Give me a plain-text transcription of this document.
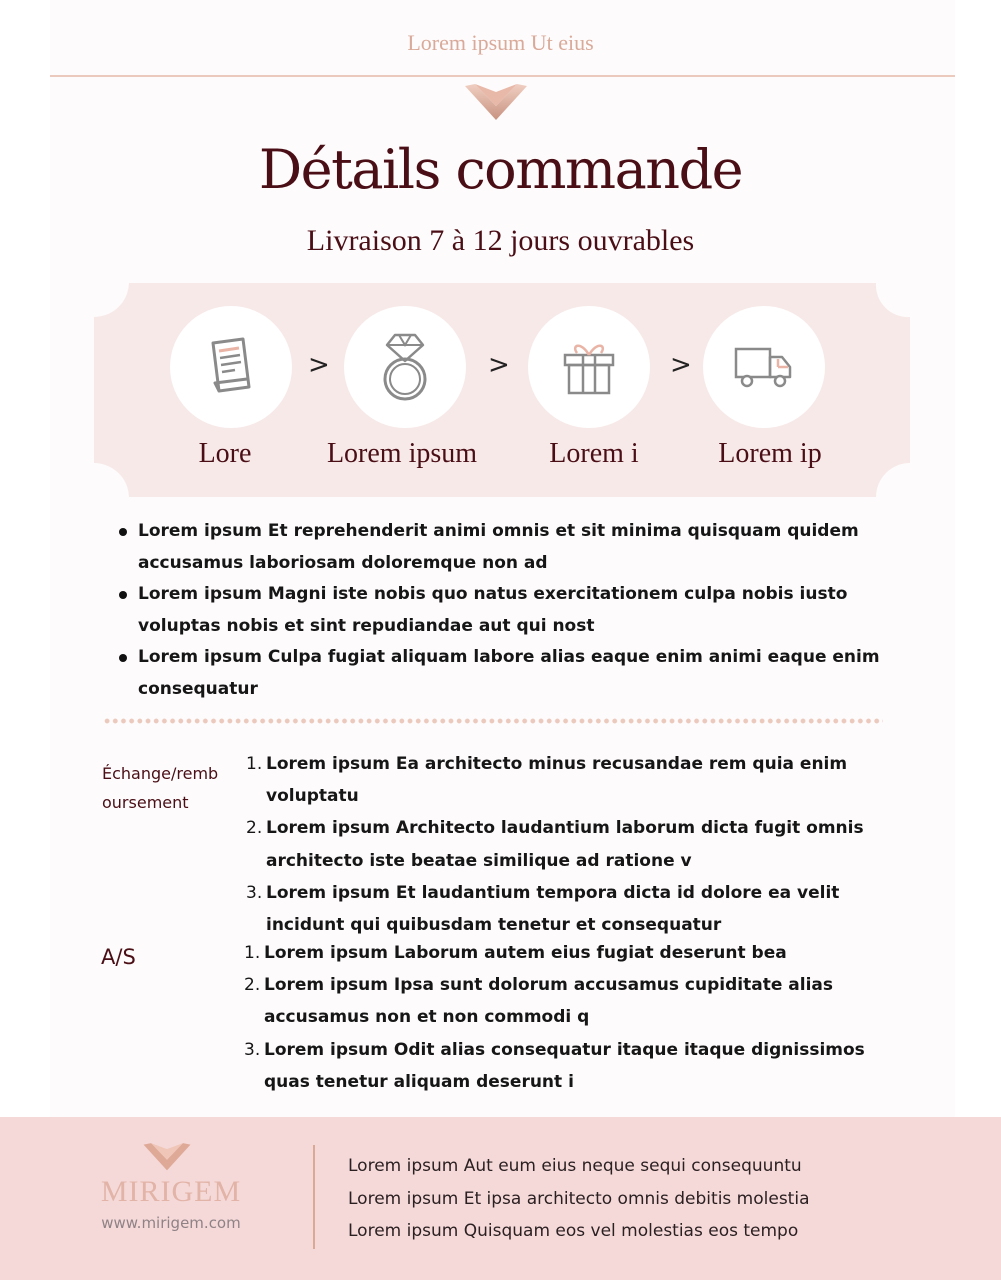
Lorem ipsum Ut eius
Détails commande
Livraison 7 à 12 jours ouvrables
>	>	>
Lore	Lorem ipsum	Lorem i	Lorem ip
Lorem ipsum Et reprehenderit animi omnis et sit minima quisquam quidem accusamus laboriosam doloremque non ad
Lorem ipsum Magni iste nobis quo natus exercitationem culpa nobis iusto voluptas nobis et sint repudiandae aut qui nost
Lorem ipsum Culpa fugiat aliquam labore alias eaque enim animi eaque enim consequatur
Échange/remboursement
1. Lorem ipsum Ea architecto minus recusandae rem quia enim voluptatu
2. Lorem ipsum Architecto laudantium laborum dicta fugit omnis architecto iste beatae similique ad ratione v
3. Lorem ipsum Et laudantium tempora dicta id dolore ea velit incidunt qui quibusdam tenetur et consequatur
A/S	1. Lorem ipsum Laborum autem eius fugiat deserunt bea
2. Lorem ipsum Ipsa sunt dolorum accusamus cupiditate alias accusamus non et non commodi q
3. Lorem ipsum Odit alias consequatur itaque itaque dignissimos quas tenetur aliquam deserunt i
MIRIGEM
www.mirigem.com
Lorem ipsum Aut eum eius neque sequi consequuntu
Lorem ipsum Et ipsa architecto omnis debitis molestia
Lorem ipsum Quisquam eos vel molestias eos tempo
